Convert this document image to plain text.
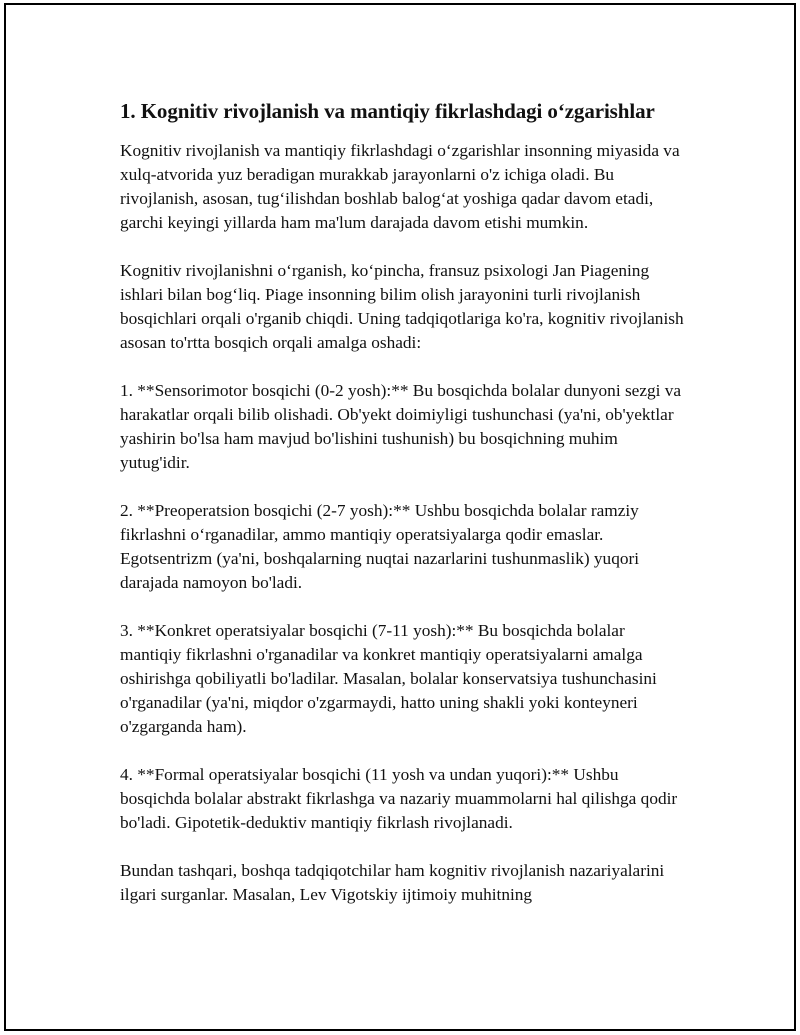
1. Kognitiv rivojlanish va mantiqiy fikrlashdagi o‘zgarishlar

Kognitiv rivojlanish va mantiqiy fikrlashdagi o‘zgarishlar insonning miyasida va xulq-atvorida yuz beradigan murakkab jarayonlarni o'z ichiga oladi. Bu rivojlanish, asosan, tug‘ilishdan boshlab balog‘at yoshiga qadar davom etadi, garchi keyingi yillarda ham ma'lum darajada davom etishi mumkin.

Kognitiv rivojlanishni o‘rganish, ko‘pincha, fransuz psixologi Jan Piagening ishlari bilan bog‘liq. Piage insonning bilim olish jarayonini turli rivojlanish bosqichlari orqali o'rganib chiqdi. Uning tadqiqotlariga ko'ra, kognitiv rivojlanish asosan to'rtta bosqich orqali amalga oshadi:

1. **Sensorimotor bosqichi (0-2 yosh):** Bu bosqichda bolalar dunyoni sezgi va harakatlar orqali bilib olishadi. Ob'yekt doimiyligi tushunchasi (ya'ni, ob'yektlar yashirin bo'lsa ham mavjud bo'lishini tushunish) bu bosqichning muhim yutug'idir.

2. **Preoperatsion bosqichi (2-7 yosh):** Ushbu bosqichda bolalar ramziy fikrlashni o‘rganadilar, ammo mantiqiy operatsiyalarga qodir emaslar. Egotsentrizm (ya'ni, boshqalarning nuqtai nazarlarini tushunmaslik) yuqori darajada namoyon bo'ladi.

3. **Konkret operatsiyalar bosqichi (7-11 yosh):** Bu bosqichda bolalar mantiqiy fikrlashni o'rganadilar va konkret mantiqiy operatsiyalarni amalga oshirishga qobiliyatli bo'ladilar. Masalan, bolalar konservatsiya tushunchasini o'rganadilar (ya'ni, miqdor o'zgarmaydi, hatto uning shakli yoki konteyneri o'zgarganda ham).

4. **Formal operatsiyalar bosqichi (11 yosh va undan yuqori):** Ushbu bosqichda bolalar abstrakt fikrlashga va nazariy muammolarni hal qilishga qodir bo'ladi. Gipotetik-deduktiv mantiqiy fikrlash rivojlanadi.

Bundan tashqari, boshqa tadqiqotchilar ham kognitiv rivojlanish nazariyalarini ilgari surganlar. Masalan, Lev Vigotskiy ijtimoiy muhitning
